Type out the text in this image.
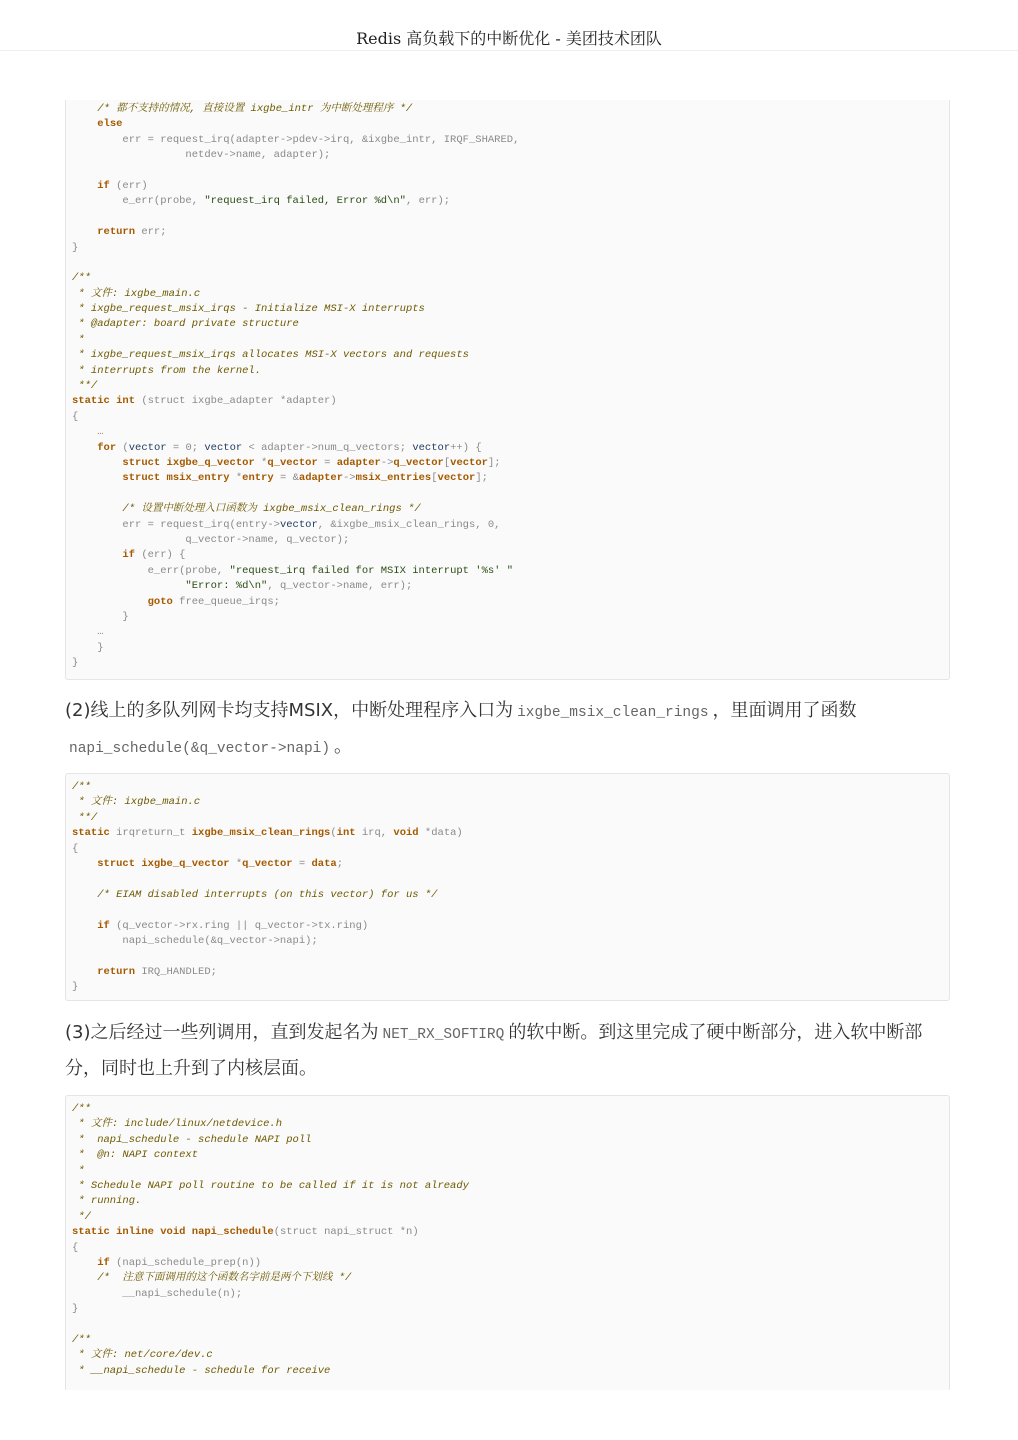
Redis 高负载下的中断优化 - 美团技术团队
/* 都不支持的情况, 直接设置 ixgbe_intr 为中断处理程序 */
else
err = request_irq(adapter->pdev->irq, &ixgbe_intr, IRQF_SHARED,
netdev->name, adapter);

if (err)
e_err(probe, "request_irq failed, Error %d\n", err);

return err;
}

/**
* 文件: ixgbe_main.c
* ixgbe_request_msix_irqs - Initialize MSI-X interrupts
* @adapter: board private structure
*
* ixgbe_request_msix_irqs allocates MSI-X vectors and requests
* interrupts from the kernel.
**/
static int (struct ixgbe_adapter *adapter)
{
…
for (vector = 0; vector < adapter->num_q_vectors; vector++) {
struct ixgbe_q_vector *q_vector = adapter->q_vector[vector];
struct msix_entry *entry = &adapter->msix_entries[vector];

/* 设置中断处理入口函数为 ixgbe_msix_clean_rings */
err = request_irq(entry->vector, &ixgbe_msix_clean_rings, 0,
q_vector->name, q_vector);
if (err) {
e_err(probe, "request_irq failed for MSIX interrupt '%s' "
"Error: %d\n", q_vector->name, err);
goto free_queue_irqs;
}
…
}
}
(2)线上的多队列网卡均支持MSIX，中断处理程序入口为 ixgbe_msix_clean_rings ，里面调用了函数
napi_schedule(&q_vector->napi) 。
/**
* 文件: ixgbe_main.c
**/
static irqreturn_t ixgbe_msix_clean_rings(int irq, void *data)
{
struct ixgbe_q_vector *q_vector = data;

/* EIAM disabled interrupts (on this vector) for us */

if (q_vector->rx.ring || q_vector->tx.ring)
napi_schedule(&q_vector->napi);

return IRQ_HANDLED;
}
(3)之后经过一些列调用，直到发起名为 NET_RX_SOFTIRQ 的软中断。到这里完成了硬中断部分，进入软中断部分，同时也上升到了内核层面。
/**
* 文件: include/linux/netdevice.h
*  napi_schedule - schedule NAPI poll
*  @n: NAPI context
*
* Schedule NAPI poll routine to be called if it is not already
* running.
*/
static inline void napi_schedule(struct napi_struct *n)
{
if (napi_schedule_prep(n))
/*  注意下面调用的这个函数名字前是两个下划线 */
__napi_schedule(n);
}

/**
* 文件: net/core/dev.c
* __napi_schedule - schedule for receive
